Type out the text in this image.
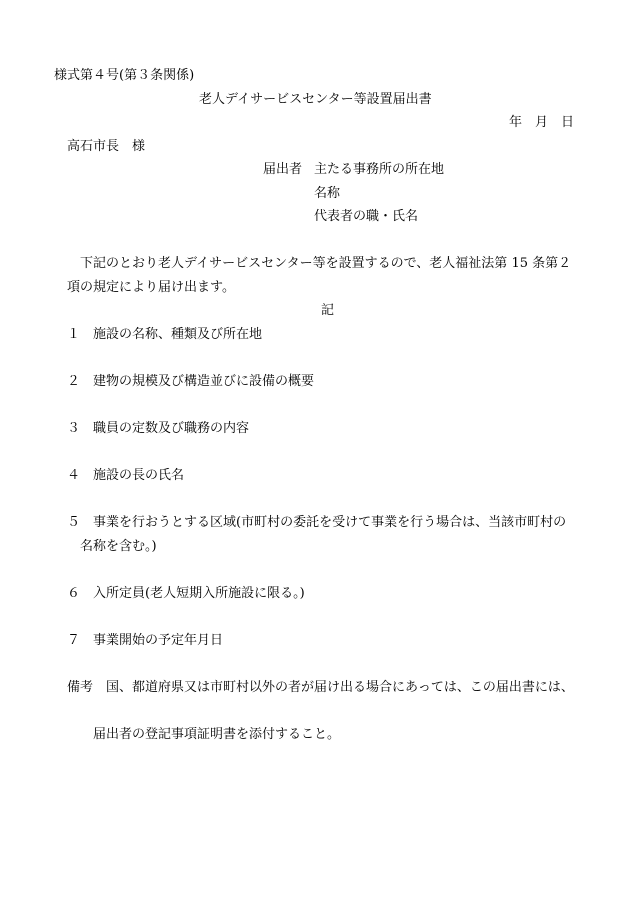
様式第４号(第３条関係)
老人デイサービスセンター等設置届出書
年　月　日
高石市長　様
届出者 主たる事務所の所在地
名称
代表者の職・氏名
下記のとおり老人デイサービスセンター等を設置するので、老人福祉法第 15 条第２
項の規定により届け出ます。
記
１ 施設の名称、種類及び所在地
２ 建物の規模及び構造並びに設備の概要
３ 職員の定数及び職務の内容
４ 施設の長の氏名
５ 事業を行おうとする区域(市町村の委託を受けて事業を行う場合は、当該市町村の
名称を含む。)
６ 入所定員(老人短期入所施設に限る。)
７ 事業開始の予定年月日
備考 国、都道府県又は市町村以外の者が届け出る場合にあっては、この届出書には、
届出者の登記事項証明書を添付すること。
